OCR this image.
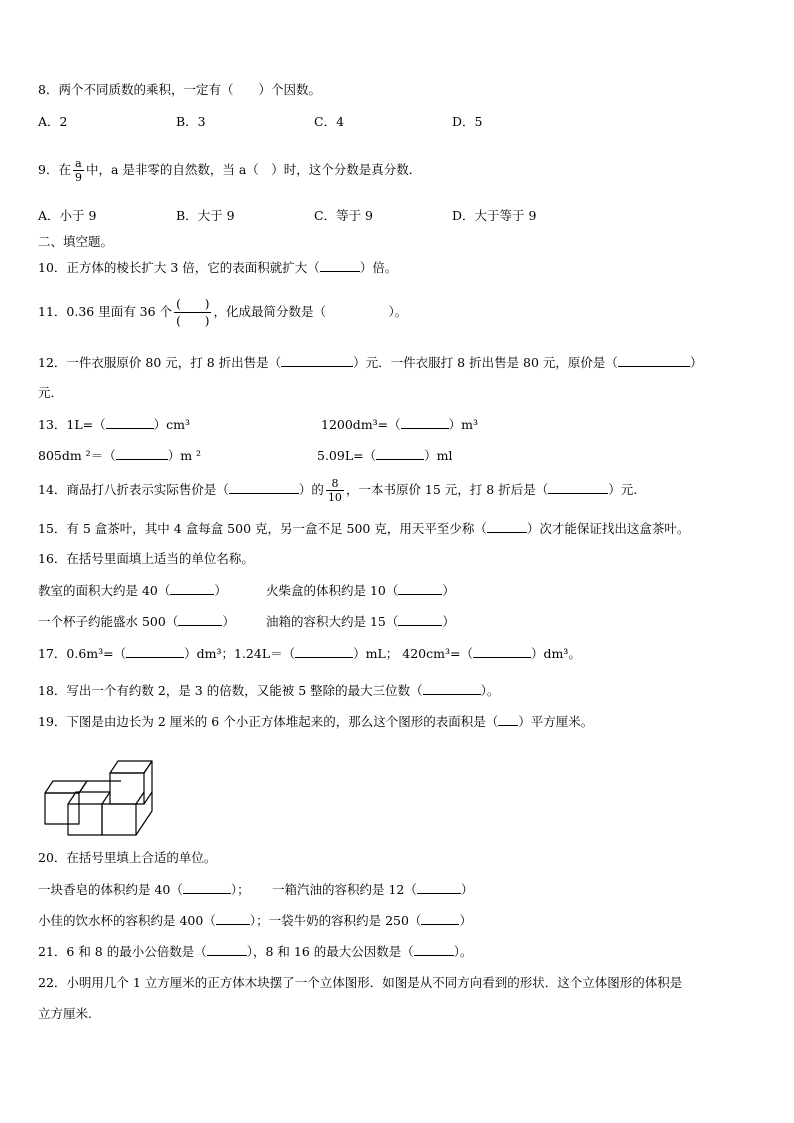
8．两个不同质数的乘积，一定有（　　）个因数。
A．2	B．3	C．4	D．5
9．在 $\frac{a}{9}$ 中，a 是非零的自然数，当 a（　）时，这个分数是真分数．
A．小于 9	B．大于 9	C．等于 9	D．大于等于 9
二、填空题。
10．正方体的棱长扩大 3 倍，它的表面积就扩大（	）倍。
11．0.36 里面有 36 个 $\frac{( )}{( )}$ ，化成最简分数是（　　　　　）。
12．一件衣服原价 80 元，打 8 折出售是（	）元．一件衣服打 8 折出售是 80 元，原价是（	）
元．
13．1L=（	）cm³	1200dm³=（	）m³
805dm ²＝（	）m ²	5.09L=（	）ml
14．商品打八折表示实际售价是（	）的 $\frac{8}{10}$ ，一本书原价 15 元，打 8 折后是（	）元.
15．有 5 盒茶叶，其中 4 盒每盒 500 克，另一盒不足 500 克，用天平至少称（	）次才能保证找出这盒茶叶。
16．在括号里面填上适当的单位名称。
教室的面积大约是 40（	）	火柴盒的体积约是 10（	）
一个杯子约能盛水 500（	） 油箱的容积大约是 15（	）
17．0.6m³=（	）dm³；1.24L＝（	）mL； 420cm³=（	）dm³。
18．写出一个有约数 2，是 3 的倍数，又能被 5 整除的最大三位数（	）。
19．下图是由边长为 2 厘米的 6 个小正方体堆起来的，那么这个图形的表面积是（ ）平方厘米。
20．在括号里填上合适的单位。
一块香皂的体积约是 40（	）； 一箱汽油的容积约是 12（	）
小佳的饮水杯的容积约是 400（	）；一袋牛奶的容积约是 250（	）
21．6 和 8 的最小公倍数是（	），8 和 16 的最大公因数是（	）。
22．小明用几个 1 立方厘米的正方体木块摆了一个立体图形．如图是从不同方向看到的形状．这个立体图形的体积是
立方厘米.
